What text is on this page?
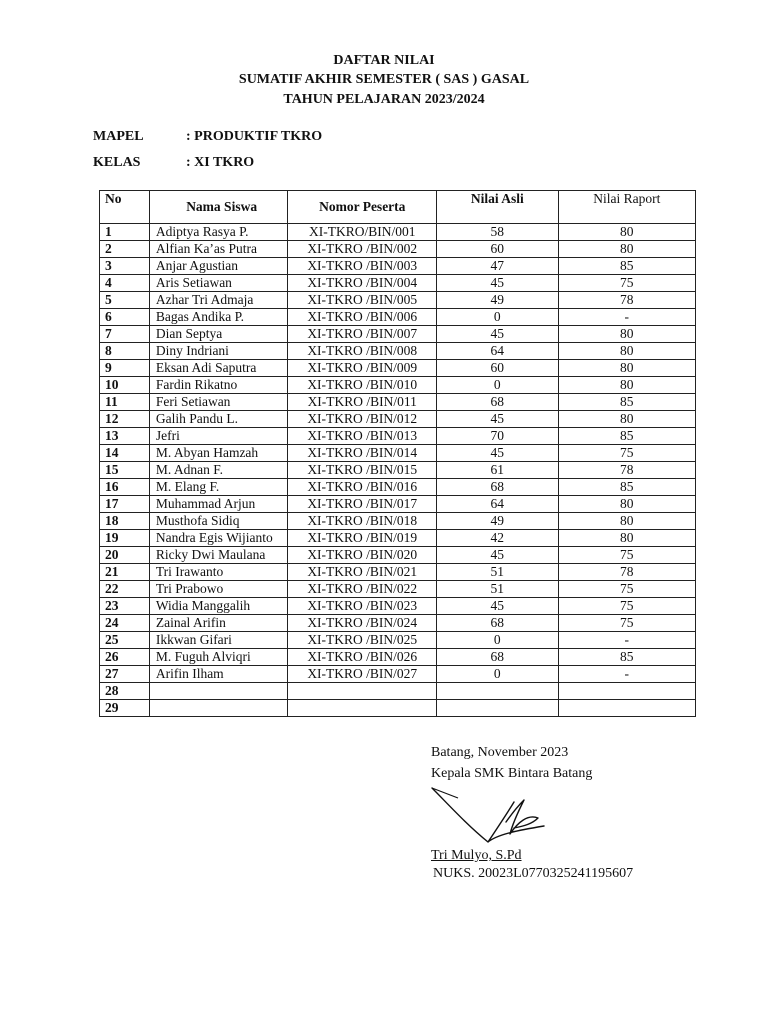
DAFTAR NILAI
SUMATIF AKHIR SEMESTER ( SAS ) GASAL
TAHUN PELAJARAN 2023/2024
MAPEL	: PRODUKTIF TKRO
KELAS	: XI TKRO
No	Nama Siswa	Nomor Peserta	Nilai Asli	Nilai Raport
1	Adiptya Rasya P.	XI-TKRO/BIN/001	58	80
2	Alfian Ka’as Putra	XI-TKRO /BIN/002	60	80
3	Anjar Agustian	XI-TKRO /BIN/003	47	85
4	Aris Setiawan	XI-TKRO /BIN/004	45	75
5	Azhar Tri Admaja	XI-TKRO /BIN/005	49	78
6	Bagas Andika P.	XI-TKRO /BIN/006	0	-
7	Dian Septya	XI-TKRO /BIN/007	45	80
8	Diny Indriani	XI-TKRO /BIN/008	64	80
9	Eksan Adi Saputra	XI-TKRO /BIN/009	60	80
10	Fardin Rikatno	XI-TKRO /BIN/010	0	80
11	Feri Setiawan	XI-TKRO /BIN/011	68	85
12	Galih Pandu L.	XI-TKRO /BIN/012	45	80
13	Jefri	XI-TKRO /BIN/013	70	85
14	M. Abyan Hamzah	XI-TKRO /BIN/014	45	75
15	M. Adnan F.	XI-TKRO /BIN/015	61	78
16	M. Elang F.	XI-TKRO /BIN/016	68	85
17	Muhammad Arjun	XI-TKRO /BIN/017	64	80
18	Musthofa Sidiq	XI-TKRO /BIN/018	49	80
19	Nandra Egis Wijianto	XI-TKRO /BIN/019	42	80
20	Ricky Dwi Maulana	XI-TKRO /BIN/020	45	75
21	Tri Irawanto	XI-TKRO /BIN/021	51	78
22	Tri Prabowo	XI-TKRO /BIN/022	51	75
23	Widia Manggalih	XI-TKRO /BIN/023	45	75
24	Zainal Arifin	XI-TKRO /BIN/024	68	75
25	Ikkwan Gifari	XI-TKRO /BIN/025	0	-
26	M. Fuguh Alviqri	XI-TKRO /BIN/026	68	85
27	Arifin Ilham	XI-TKRO /BIN/027	0	-
28				
29				
Batang, November 2023
Kepala SMK Bintara Batang
Tri Mulyo, S.Pd
NUKS. 20023L0770325241195607
